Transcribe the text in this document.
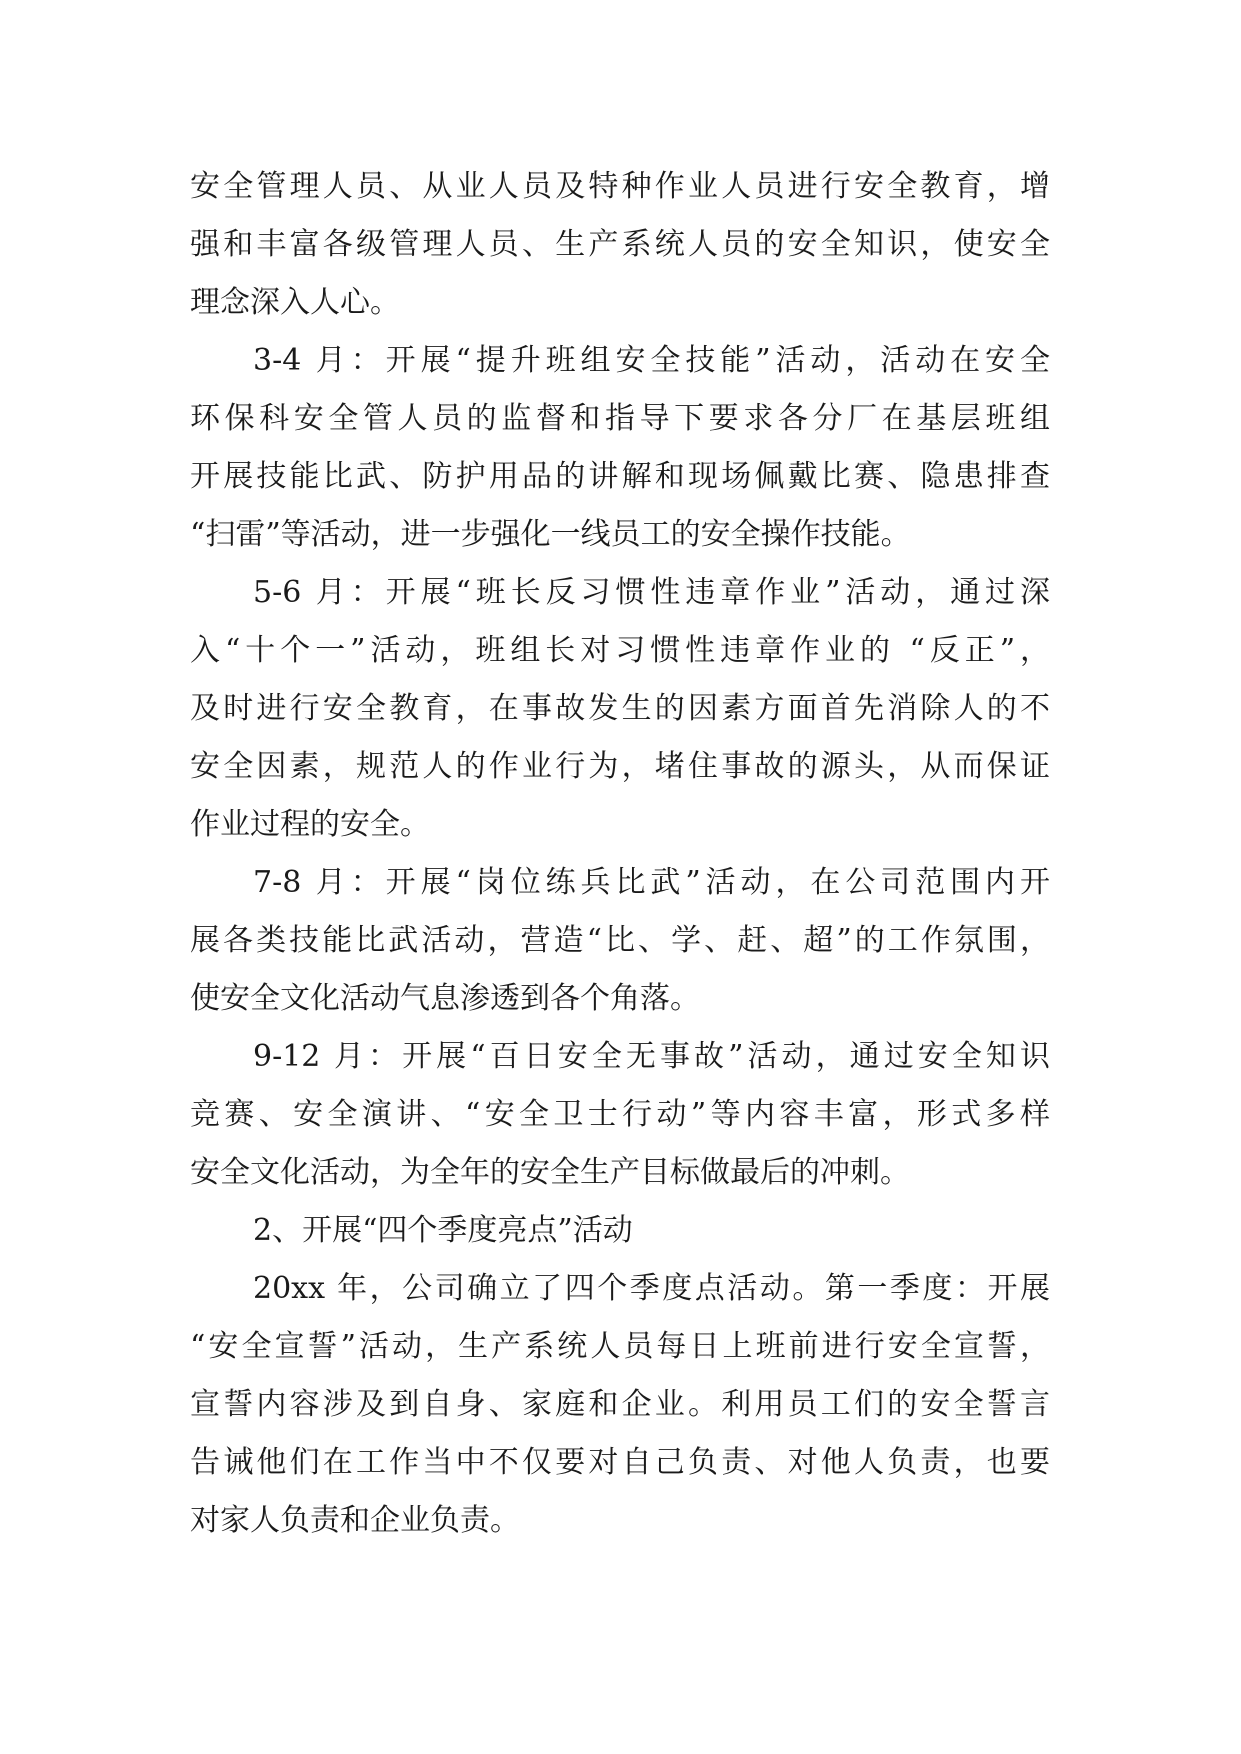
安全管理人员、从业人员及特种作业人员进行安全教育，增
强和丰富各级管理人员、生产系统人员的安全知识，使安全
理念深入人心。
3-4 月：开展“提升班组安全技能”活动，活动在安全
环保科安全管人员的监督和指导下要求各分厂在基层班组
开展技能比武、防护用品的讲解和现场佩戴比赛、隐患排查
“扫雷”等活动，进一步强化一线员工的安全操作技能。
5-6 月：开展“班长反习惯性违章作业”活动，通过深
入“十个一”活动，班组长对习惯性违章作业的 “反正”，
及时进行安全教育，在事故发生的因素方面首先消除人的不
安全因素，规范人的作业行为，堵住事故的源头，从而保证
作业过程的安全。
7-8 月：开展“岗位练兵比武”活动，在公司范围内开
展各类技能比武活动，营造“比、学、赶、超”的工作氛围，
使安全文化活动气息渗透到各个角落。
9-12 月：开展“百日安全无事故”活动，通过安全知识
竞赛、安全演讲、“安全卫士行动”等内容丰富，形式多样
安全文化活动，为全年的安全生产目标做最后的冲刺。
2、开展“四个季度亮点”活动
20xx 年，公司确立了四个季度点活动。第一季度：开展
“安全宣誓”活动，生产系统人员每日上班前进行安全宣誓，
宣誓内容涉及到自身、家庭和企业。利用员工们的安全誓言
告诫他们在工作当中不仅要对自己负责、对他人负责，也要
对家人负责和企业负责。
